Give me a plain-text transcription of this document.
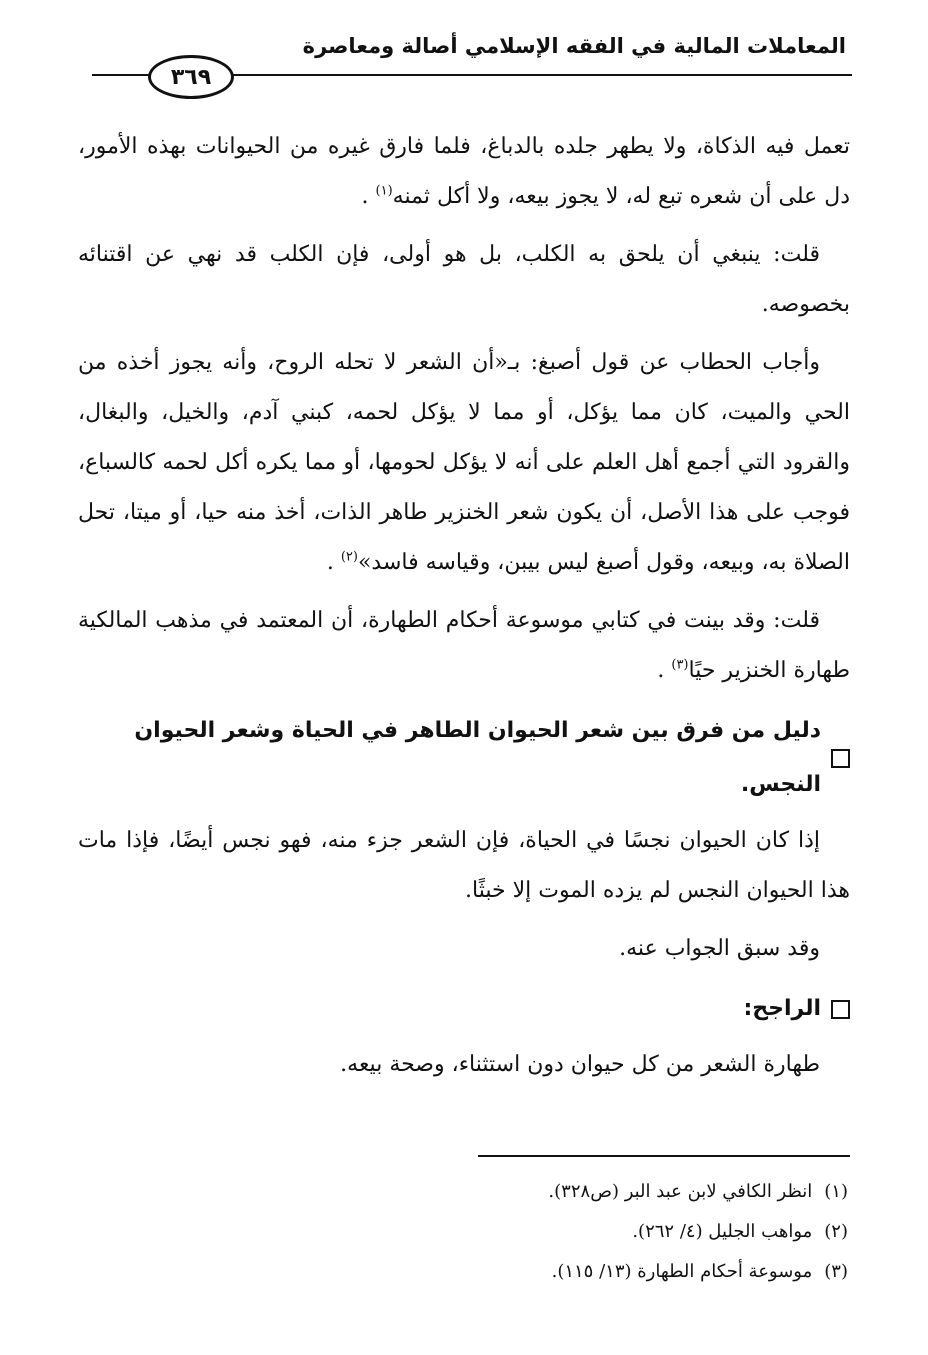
المعاملات المالية في الفقه الإسلامي أصالة ومعاصرة
٣٦٩

تعمل فيه الذكاة، ولا يطهر جلده بالدباغ، فلما فارق غيره من الحيوانات بهذه الأمور، دل على أن شعره تبع له، لا يجوز بيعه، ولا أكل ثمنه$^{(١)}$ .

قلت: ينبغي أن يلحق به الكلب، بل هو أولى، فإن الكلب قد نهي عن اقتنائه بخصوصه.

وأجاب الحطاب عن قول أصبغ: بـ«أن الشعر لا تحله الروح، وأنه يجوز أخذه من الحي والميت، كان مما يؤكل، أو مما لا يؤكل لحمه، كبني آدم، والخيل، والبغال، والقرود التي أجمع أهل العلم على أنه لا يؤكل لحومها، أو مما يكره أكل لحمه كالسباع، فوجب على هذا الأصل، أن يكون شعر الخنزير طاهر الذات، أخذ منه حيا، أو ميتا، تحل الصلاة به، وبيعه، وقول أصبغ ليس بيبن، وقياسه فاسد»$^{(٢)}$ .

قلت: وقد بينت في كتابي موسوعة أحكام الطهارة، أن المعتمد في مذهب المالكية طهارة الخنزير حيًا$^{(٣)}$ .

دليل من فرق بين شعر الحيوان الطاهر في الحياة وشعر الحيوان النجس.

إذا كان الحيوان نجسًا في الحياة، فإن الشعر جزء منه، فهو نجس أيضًا، فإذا مات هذا الحيوان النجس لم يزده الموت إلا خبثًا.

وقد سبق الجواب عنه.

الراجح:

طهارة الشعر من كل حيوان دون استثناء، وصحة بيعه.

(١)انظر الكافي لابن عبد البر (ص٣٢٨).
(٢)مواهب الجليل (٤/ ٢٦٢).
(٣)موسوعة أحكام الطهارة (١٣/ ١١٥).
